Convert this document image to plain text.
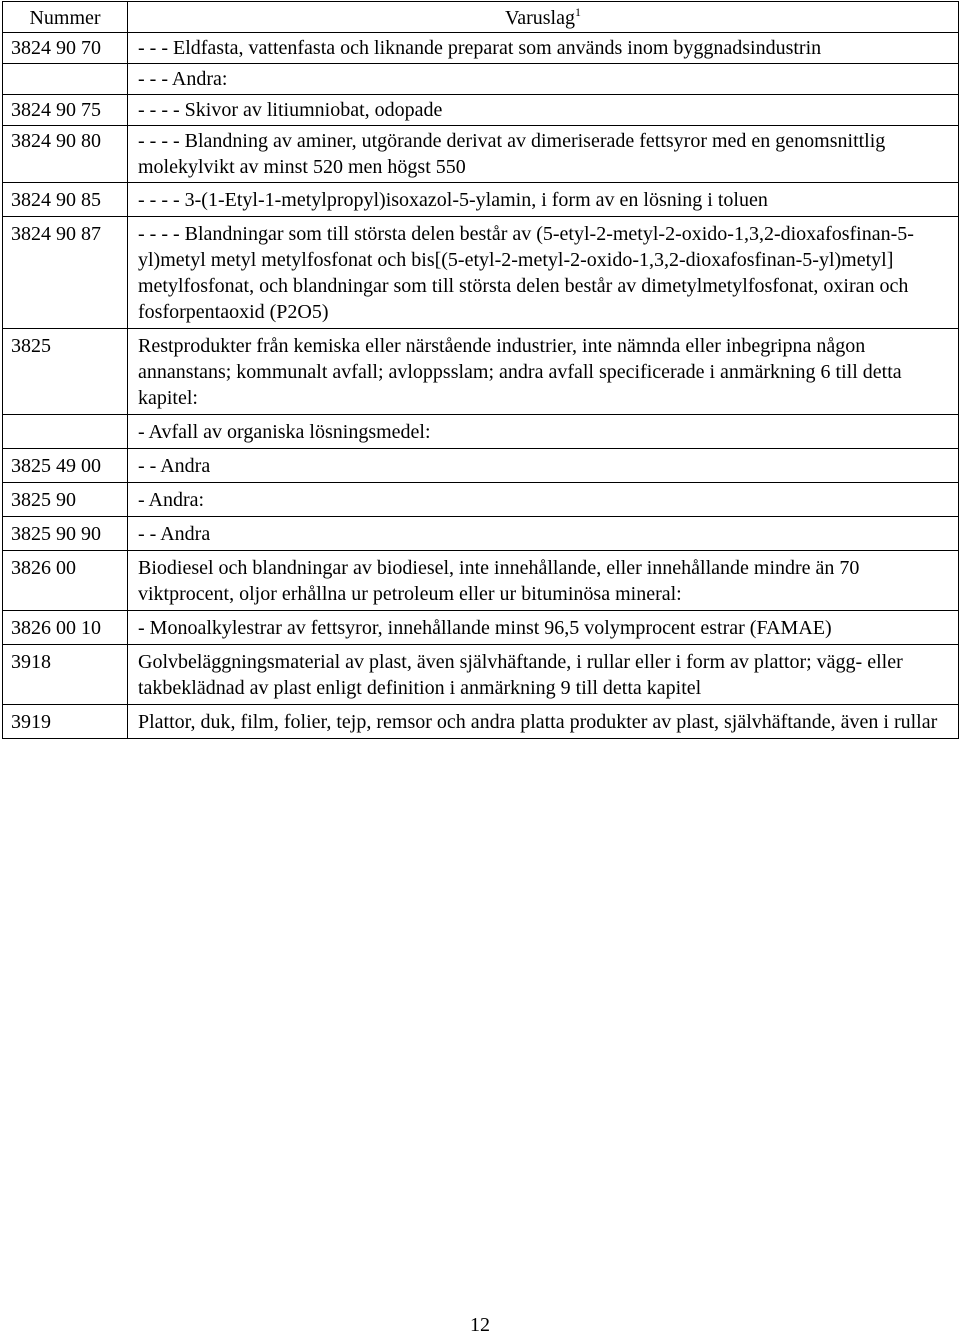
Nummer	Varuslag$^1$
3824 90 70	- - - Eldfasta, vattenfasta och liknande preparat som används inom byggnadsindustrin
	- - - Andra:
3824 90 75	- - - - Skivor av litiumniobat, odopade
3824 90 80	- - - - Blandning av aminer, utgörande derivat av dimeriserade fettsyror med en genomsnittlig molekylvikt av minst 520 men högst 550
3824 90 85	- - - - 3-(1-Etyl-1-metylpropyl)isoxazol-5-ylamin, i form av en lösning i toluen
3824 90 87	- - - - Blandningar som till största delen består av (5-etyl-2-metyl-2-oxido-1,3,2-dioxafosfinan-5-yl)metyl metyl metylfosfonat och bis[(5-etyl-2-metyl-2-oxido-1,3,2-dioxafosfinan-5-yl)metyl] metylfosfonat, och blandningar som till största delen består av dimetylmetylfosfonat, oxiran och fosforpentaoxid (P2O5)
3825	Restprodukter från kemiska eller närstående industrier, inte nämnda eller inbegripna någon annanstans; kommunalt avfall; avloppsslam; andra avfall specificerade i anmärkning 6 till detta kapitel:
	- Avfall av organiska lösningsmedel:
3825 49 00	- - Andra
3825 90	- Andra:
3825 90 90	- - Andra
3826 00	Biodiesel och blandningar av biodiesel, inte innehållande, eller innehållande mindre än 70 viktprocent, oljor erhållna ur petroleum eller ur bituminösa mineral:
3826 00 10	- Monoalkylestrar av fettsyror, innehållande minst 96,5 volymprocent estrar (FAMAE)
3918	Golvbeläggningsmaterial av plast, även självhäftande, i rullar eller i form av plattor; vägg- eller takbeklädnad av plast enligt definition i anmärkning 9 till detta kapitel
3919	Plattor, duk, film, folier, tejp, remsor och andra platta produkter av plast, självhäftande, även i rullar
12
